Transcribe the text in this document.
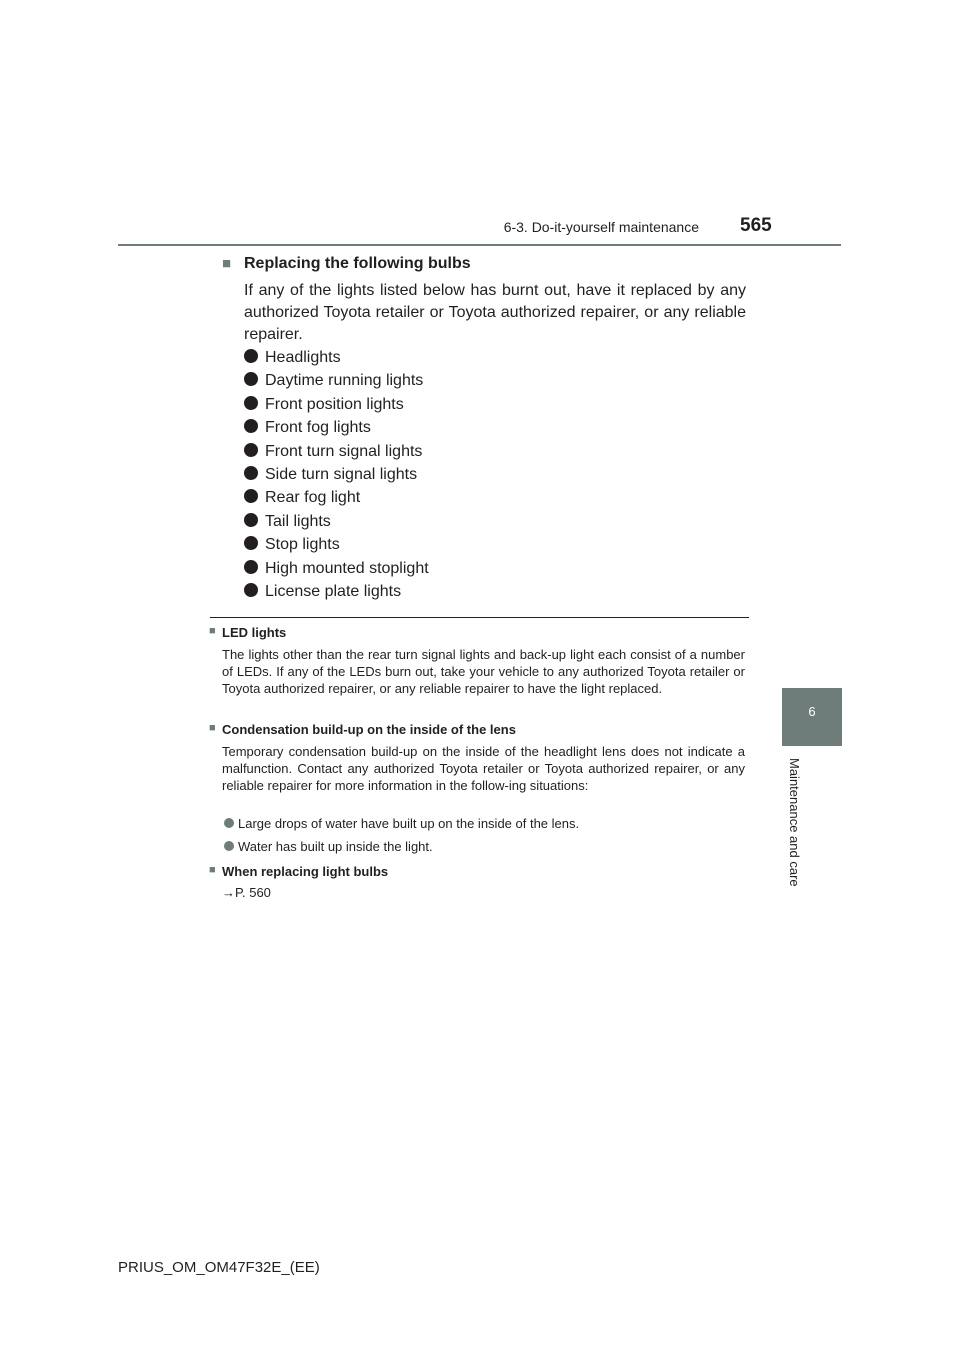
6-3. Do-it-yourself maintenance 565
6
Maintenance and care
■ Replacing the following bulbs

If any of the lights listed below has burnt out, have it replaced by any authorized Toyota retailer or Toyota authorized repairer, or any reliable repairer.

Headlights
Daytime running lights
Front position lights
Front fog lights
Front turn signal lights
Side turn signal lights
Rear fog light
Tail lights
Stop lights
High mounted stoplight
License plate lights
■ LED lights

The lights other than the rear turn signal lights and back-up light each consist of a number of LEDs. If any of the LEDs burn out, take your vehicle to any authorized Toyota retailer or Toyota authorized repairer, or any reliable repairer to have the light replaced.

■ Condensation build-up on the inside of the lens

Temporary condensation build-up on the inside of the headlight lens does not indicate a malfunction. Contact any authorized Toyota retailer or Toyota authorized repairer, or any reliable repairer for more information in the follow-ing situations:

Large drops of water have built up on the inside of the lens.
Water has built up inside the light.
■ When replacing light bulbs
→P. 560
PRIUS_OM_OM47F32E_(EE)
